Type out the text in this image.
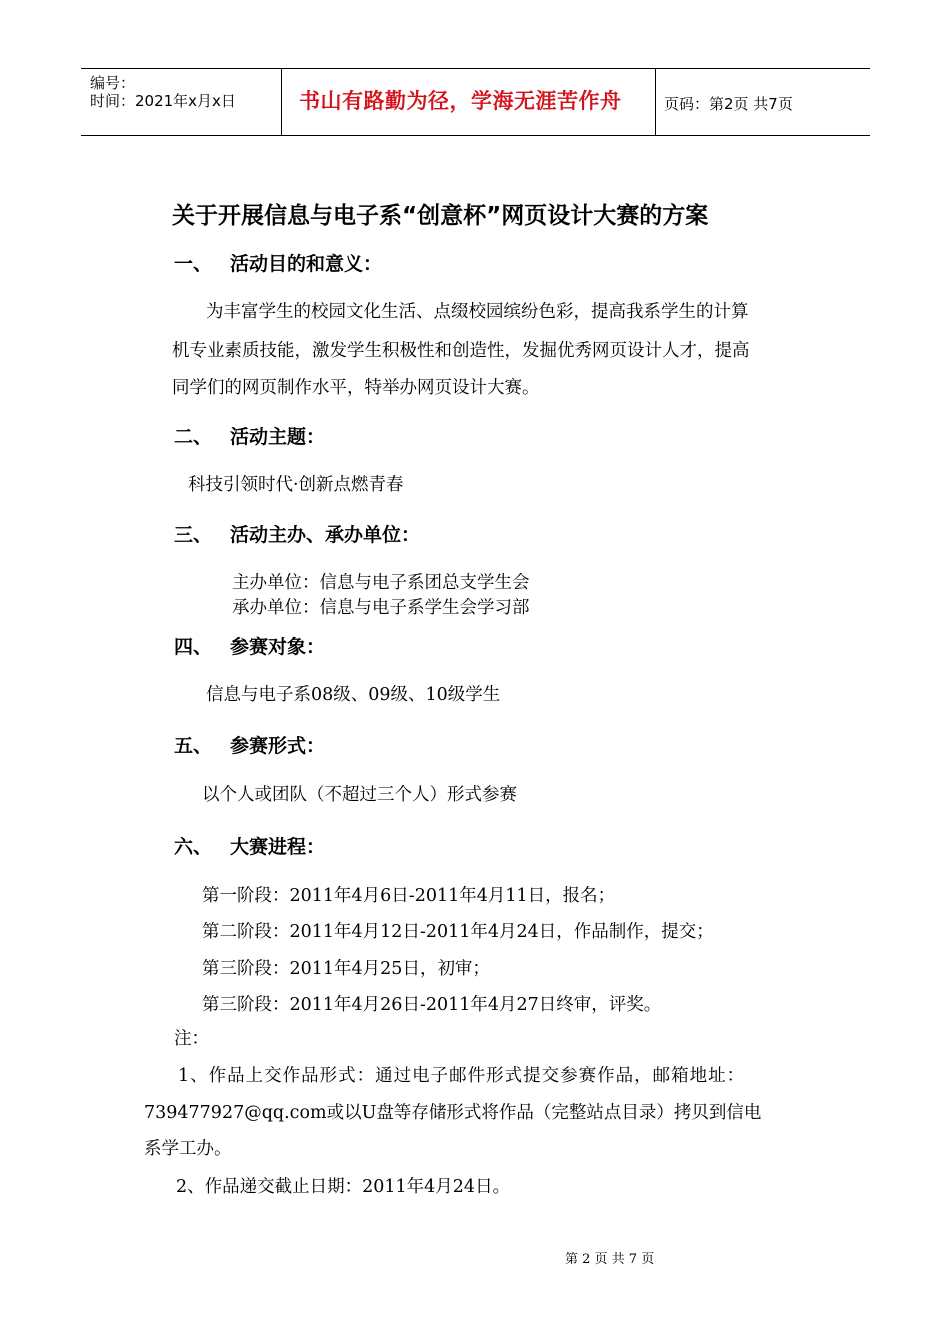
编号：
时间：2021年x月x日	书山有路勤为径，学海无涯苦作舟	页码：第2页 共7页
关于开展信息与电子系“创意杯”网页设计大赛的方案
一、 活动目的和意义：
为丰富学生的校园文化生活、点缀校园缤纷色彩，提高我系学生的计算
机专业素质技能，激发学生积极性和创造性，发掘优秀网页设计人才，提高
同学们的网页制作水平，特举办网页设计大赛。
二、 活动主题：
科技引领时代·创新点燃青春
三、 活动主办、承办单位：
主办单位：信息与电子系团总支学生会
承办单位：信息与电子系学生会学习部
四、 参赛对象：
信息与电子系08级、09级、10级学生
五、 参赛形式：
以个人或团队（不超过三个人）形式参赛
六、 大赛进程：
第一阶段：2011年4月6日-2011年4月11日，报名；
第二阶段：2011年4月12日-2011年4月24日，作品制作，提交；
第三阶段：2011年4月25日，初审；
第三阶段：2011年4月26日-2011年4月27日终审，评奖。
注：
1、作品上交作品形式：通过电子邮件形式提交参赛作品，邮箱地址：
739477927@qq.com或以U盘等存储形式将作品（完整站点目录）拷贝到信电
系学工办。
2、作品递交截止日期：2011年4月24日。
第 2 页 共 7 页
